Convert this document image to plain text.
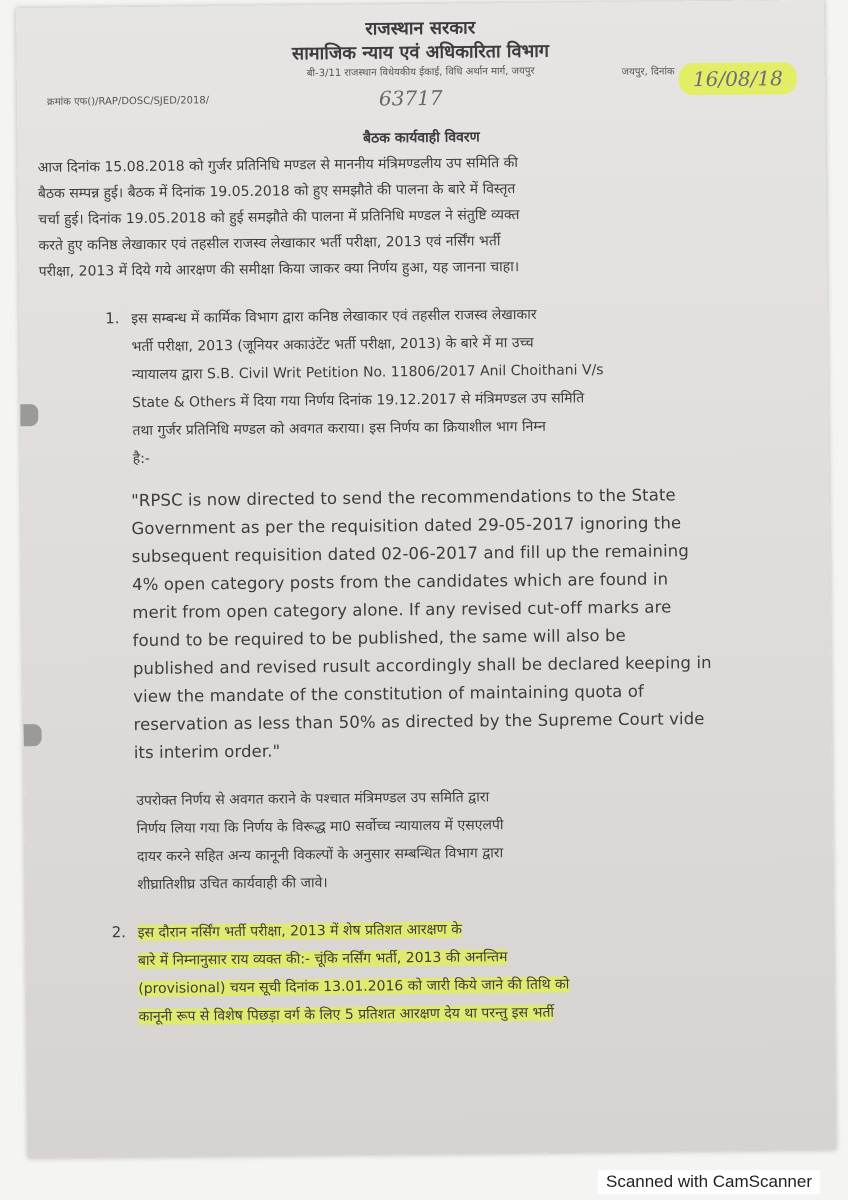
राजस्थान सरकार
सामाजिक न्याय एवं अधिकारिता विभाग
बी-3/11 राजस्थान विधेयकीय ईकाई, विधि अर्थान मार्ग, जयपुर
क्रमांक एफ()/RAP/DOSC/SJED/2018/	63717
जयपुर, दिनांक 16/08/18
बैठक कार्यवाही विवरण
आज दिनांक 15.08.2018 को गुर्जर प्रतिनिधि मण्डल से माननीय मंत्रिमण्डलीय उप समिति की
बैठक सम्पन्न हुई। बैठक में दिनांक 19.05.2018 को हुए समझौते की पालना के बारे में विस्तृत
चर्चा हुई। दिनांक 19.05.2018 को हुई समझौते की पालना में प्रतिनिधि मण्डल ने संतुष्टि व्यक्त
करते हुए कनिष्ठ लेखाकार एवं तहसील राजस्व लेखाकार भर्ती परीक्षा, 2013 एवं नर्सिंग भर्ती
परीक्षा, 2013 में दिये गये आरक्षण की समीक्षा किया जाकर क्या निर्णय हुआ, यह जानना चाहा।
1. इस सम्बन्ध में कार्मिक विभाग द्वारा कनिष्ठ लेखाकार एवं तहसील राजस्व लेखाकार
भर्ती परीक्षा, 2013 (जूनियर अकाउंटेंट भर्ती परीक्षा, 2013) के बारे में मा उच्च
न्यायालय द्वारा S.B. Civil Writ Petition No. 11806/2017 Anil Choithani V/s
State & Others में दिया गया निर्णय दिनांक 19.12.2017 से मंत्रिमण्डल उप समिति
तथा गुर्जर प्रतिनिधि मण्डल को अवगत कराया। इस निर्णय का क्रियाशील भाग निम्न
है:-
"RPSC is now directed to send the recommendations to the State
Government as per the requisition dated 29-05-2017 ignoring the
subsequent requisition dated 02-06-2017 and fill up the remaining
4% open category posts from the candidates which are found in
merit from open category alone. If any revised cut-off marks are
found to be required to be published, the same will also be
published and revised rusult accordingly shall be declared keeping in
view the mandate of the constitution of maintaining quota of
reservation as less than 50% as directed by the Supreme Court vide
its interim order."
उपरोक्त निर्णय से अवगत कराने के पश्चात मंत्रिमण्डल उप समिति द्वारा
निर्णय लिया गया कि निर्णय के विरूद्ध मा0 सर्वोच्च न्यायालय में एसएलपी
दायर करने सहित अन्य कानूनी विकल्पों के अनुसार सम्बन्धित विभाग द्वारा
शीघ्रातिशीघ्र उचित कार्यवाही की जावे।
2. इस दौरान नर्सिंग भर्ती परीक्षा, 2013 में शेष प्रतिशत आरक्षण के
बारे में निम्नानुसार राय व्यक्त की:- चूंकि नर्सिंग भर्ती, 2013 की अनन्तिम
(provisional) चयन सूची दिनांक 13.01.2016 को जारी किये जाने की तिथि को
कानूनी रूप से विशेष पिछड़ा वर्ग के लिए 5 प्रतिशत आरक्षण देय था परन्तु इस भर्ती
Scanned with CamScanner
